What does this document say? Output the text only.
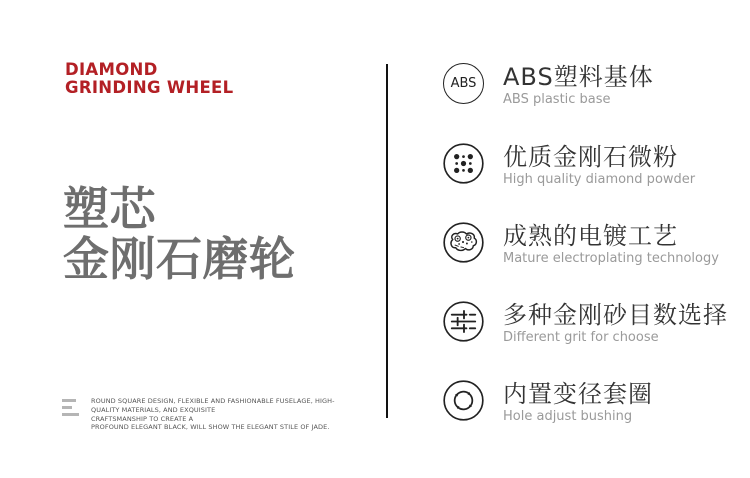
DIAMOND
GRINDING WHEEL
塑芯
金刚石磨轮
ROUND SQUARE DESIGN, FLEXIBLE AND FASHIONABLE FUSELAGE, HIGH-QUALITY MATERIALS, AND EXQUISITE
CRAFTSMANSHIP TO CREATE A
PROFOUND ELEGANT BLACK, WILL SHOW THE ELEGANT STILE OF JADE.
ABS ABS塑料基体
ABS plastic base
优质金刚石微粉
High quality diamond powder
成熟的电镀工艺
Mature electroplating technology
多种金刚砂目数选择
Different grit for choose
内置变径套圈
Hole adjust bushing
